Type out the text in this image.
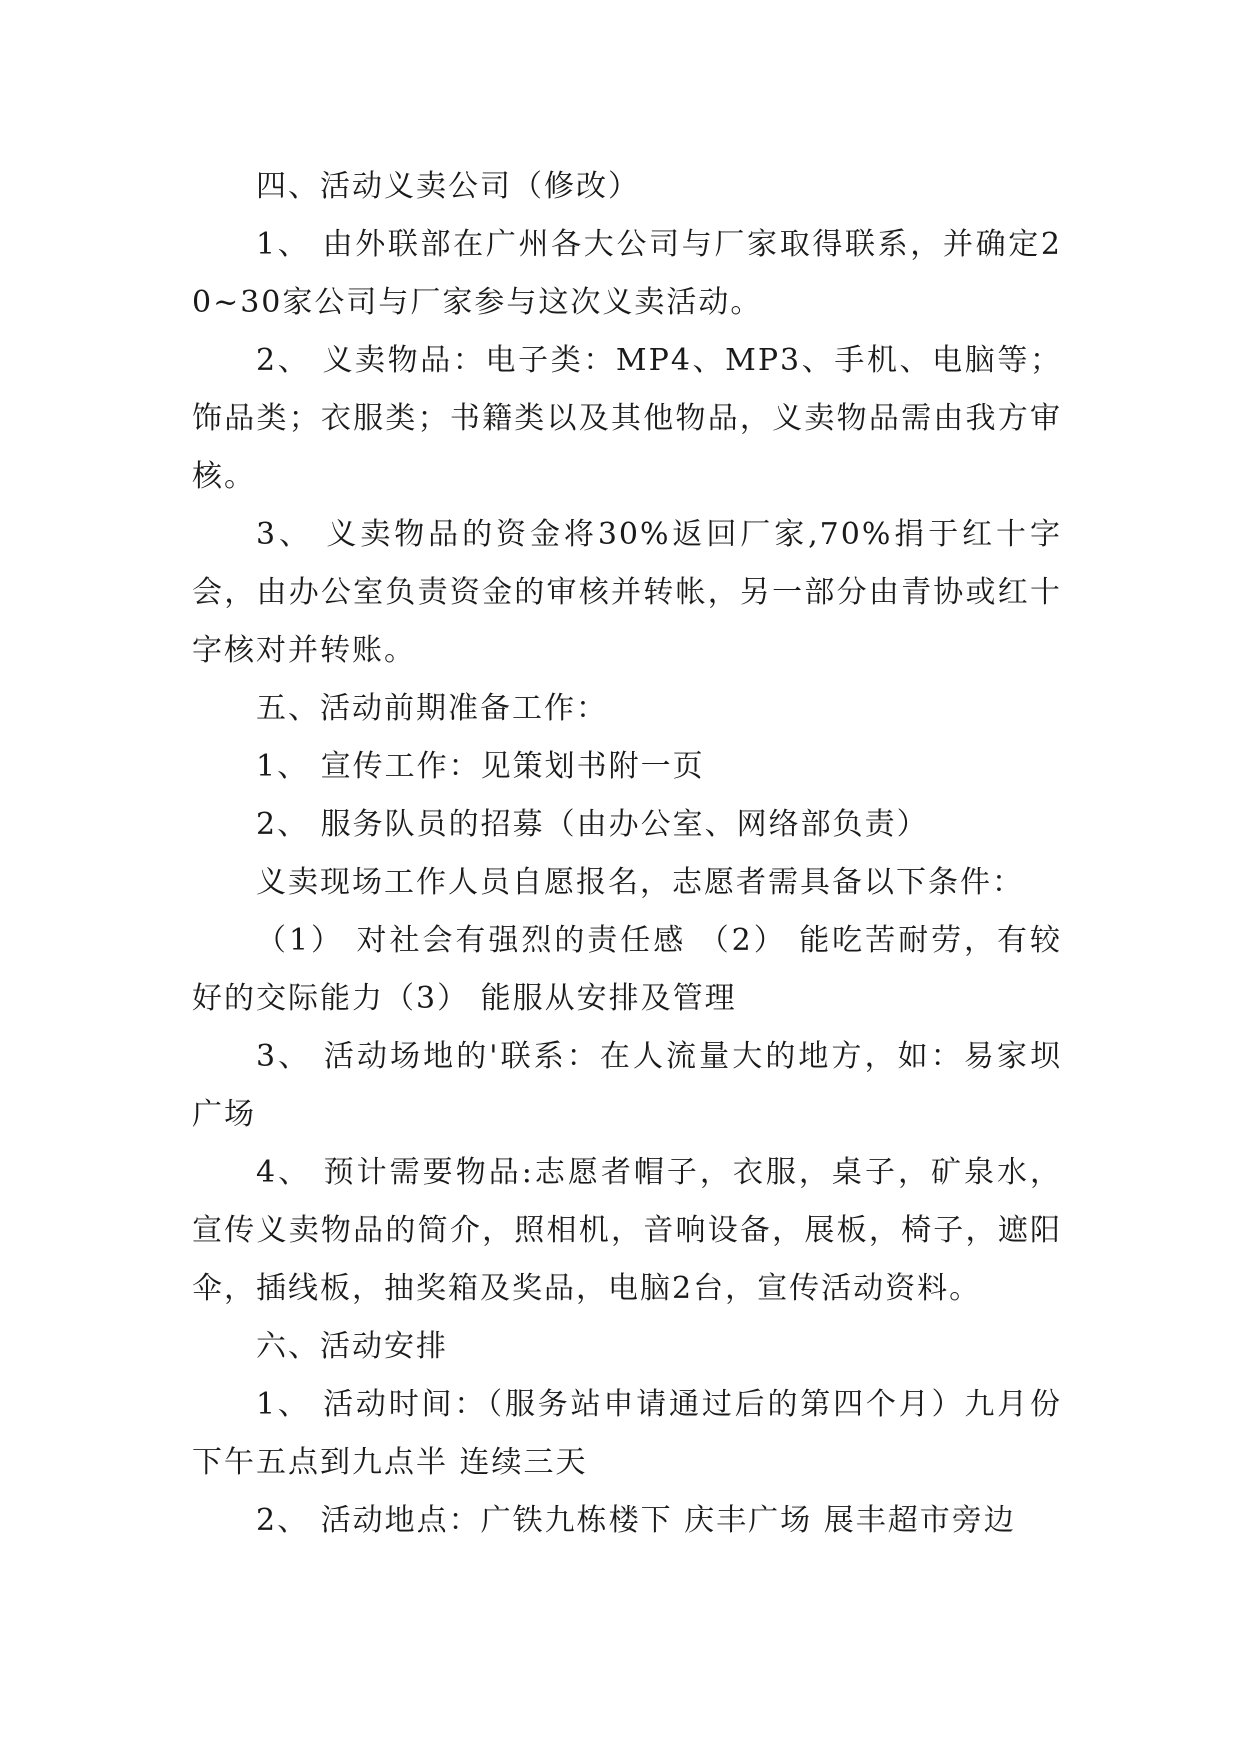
四、活动义卖公司（修改）

1、 由外联部在广州各大公司与厂家取得联系，并确定20~30家公司与厂家参与这次义卖活动。

2、 义卖物品：电子类：MP4、MP3、手机、电脑等；饰品类；衣服类；书籍类以及其他物品，义卖物品需由我方审核。

3、 义卖物品的资金将30%返回厂家,70%捐于红十字会，由办公室负责资金的审核并转帐，另一部分由青协或红十字核对并转账。

五、活动前期准备工作：

1、 宣传工作：见策划书附一页

2、 服务队员的招募（由办公室、网络部负责）

义卖现场工作人员自愿报名，志愿者需具备以下条件：

（1） 对社会有强烈的责任感 （2） 能吃苦耐劳，有较好的交际能力（3） 能服从安排及管理

3、 活动场地的'联系：在人流量大的地方，如：易家坝广场

4、 预计需要物品:志愿者帽子，衣服，桌子，矿泉水，宣传义卖物品的简介，照相机，音响设备，展板，椅子，遮阳伞，插线板，抽奖箱及奖品，电脑2台，宣传活动资料。

六、活动安排

1、 活动时间：（服务站申请通过后的第四个月）九月份 下午五点到九点半 连续三天

2、 活动地点：广铁九栋楼下 庆丰广场 展丰超市旁边
